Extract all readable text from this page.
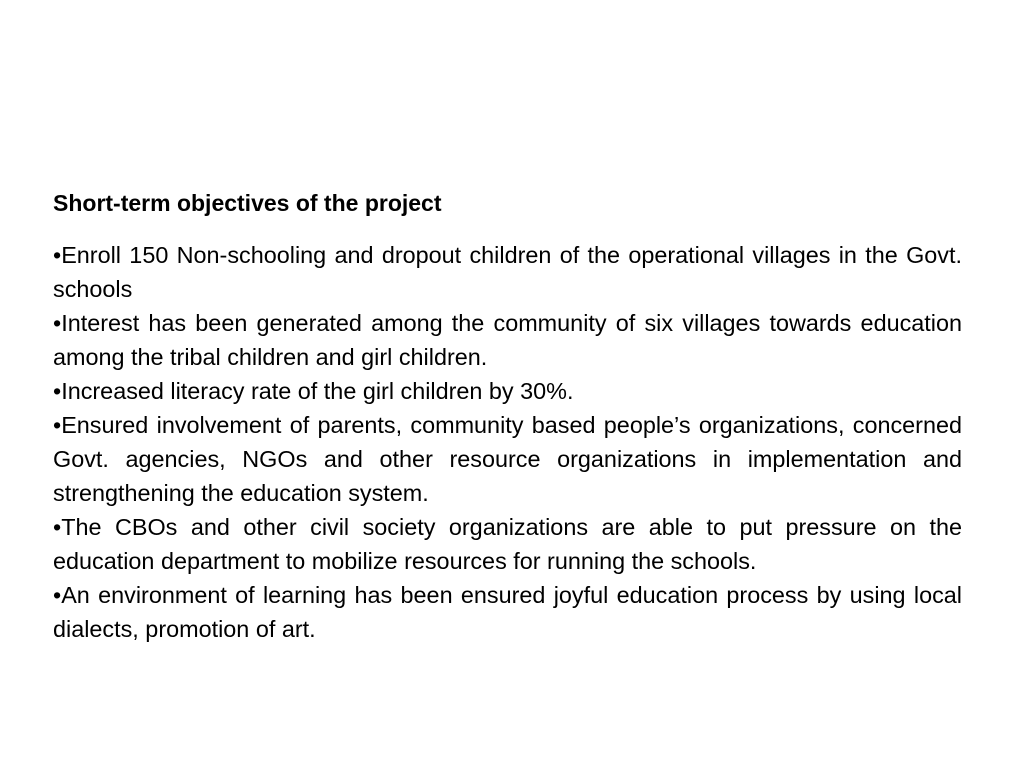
Short-term objectives of the project
•Enroll 150 Non-schooling and dropout children of the operational villages in the Govt. schools
•Interest has been generated among the community of six villages towards education among the tribal children and girl children.
•Increased literacy rate of the girl children by 30%.
•Ensured involvement of parents, community based people’s organizations, concerned Govt. agencies, NGOs and other resource organizations in implementation and strengthening the education system.
•The CBOs and other civil society organizations are able to put pressure on the education department to mobilize resources for running the schools.
•An environment of learning has been ensured joyful education process by using local dialects, promotion of art.
